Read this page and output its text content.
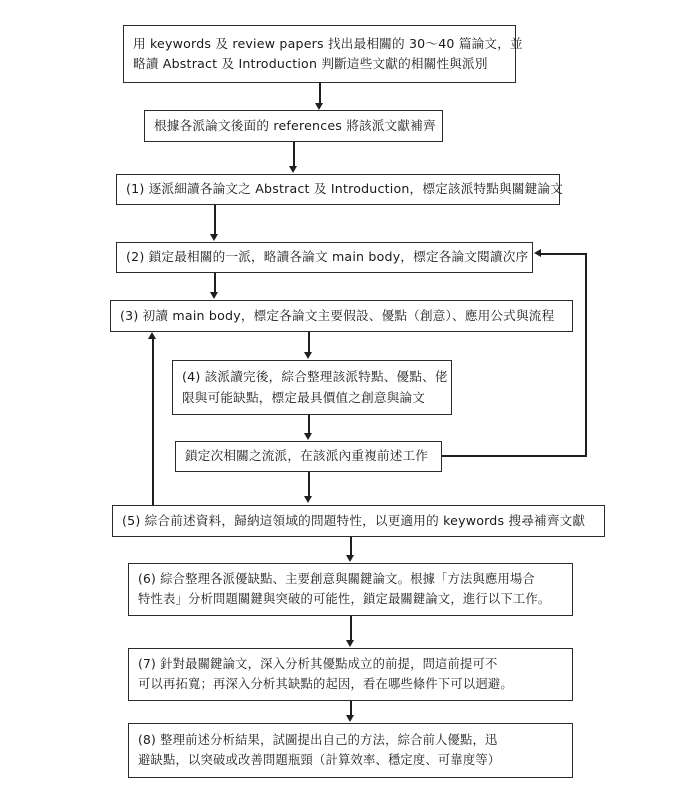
用 keywords 及 review papers 找出最相關的 30～40 篇論文，並
略讀 Abstract 及 Introduction 判斷這些文獻的相關性與派別
根據各派論文後面的 references 將該派文獻補齊
(1) 逐派細讀各論文之 Abstract 及 Introduction，標定該派特點與關鍵論文
(2) 鎖定最相關的一派，略讀各論文 main body，標定各論文閱讀次序
(3) 初讀 main body，標定各論文主要假設、優點（創意）、應用公式與流程
(4) 該派讀完後，綜合整理該派特點、優點、佬
限與可能缺點，標定最具價值之創意與論文
鎖定次相關之流派，在該派內重複前述工作
(5) 綜合前述資料，歸納這領域的問題特性，以更適用的 keywords 搜尋補齊文獻
(6) 綜合整理各派優缺點、主要創意與關鍵論文。根據「方法與應用場合
特性表」分析問題關鍵與突破的可能性，鎖定最關鍵論文，進行以下工作。
(7) 針對最關鍵論文，深入分析其優點成立的前提，問這前提可不
可以再拓寬；再深入分析其缺點的起因，看在哪些條件下可以迥避。
(8) 整理前述分析結果，試圖提出自己的方法，綜合前人優點，迅
避缺點，以突破或改善問題瓶頸（計算效率、穩定度、可靠度等）
